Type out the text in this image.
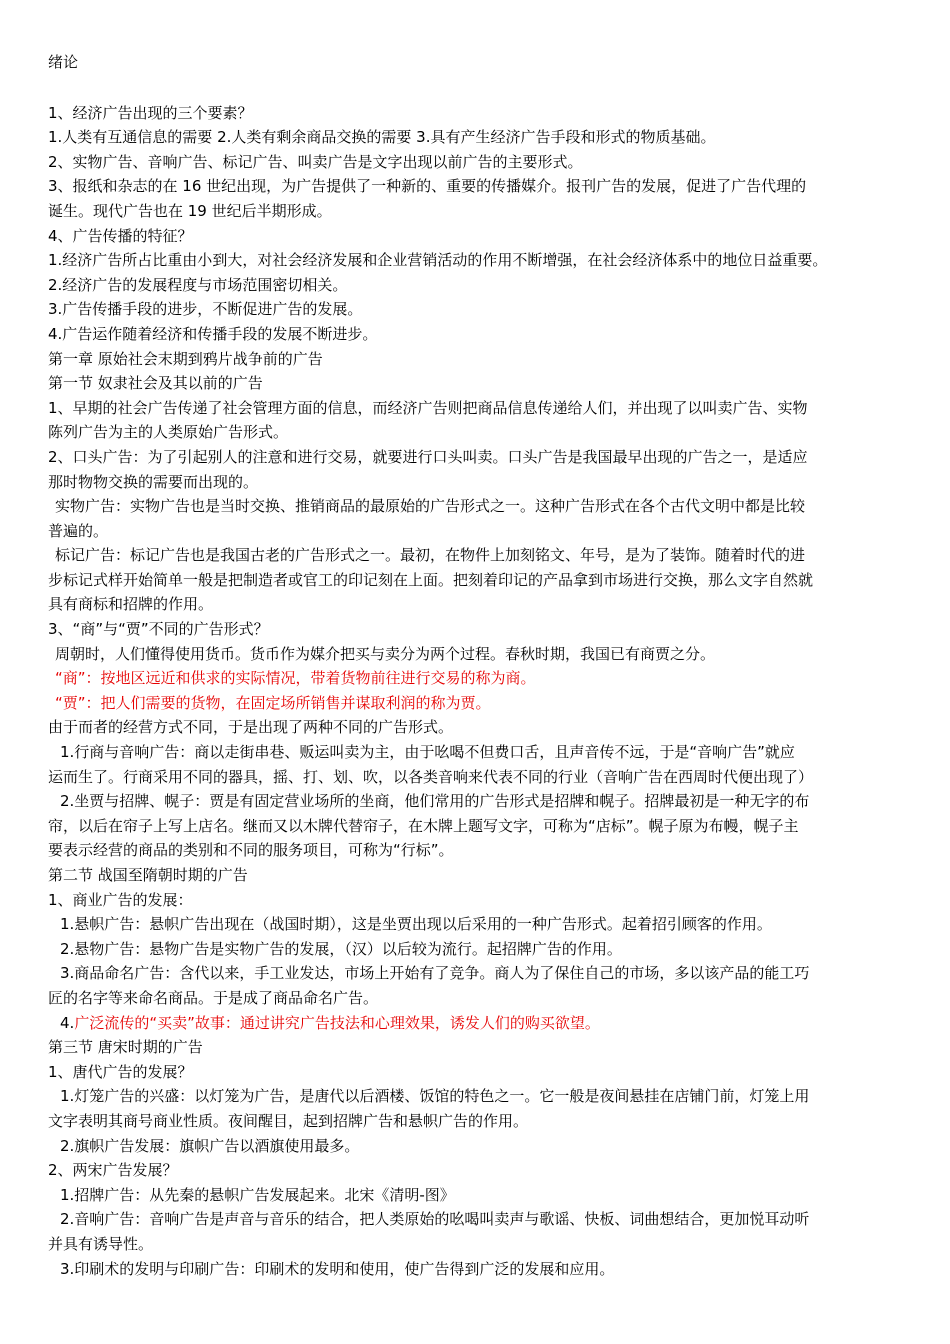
绪论
1、经济广告出现的三个要素？
1.人类有互通信息的需要 2.人类有剩余商品交换的需要 3.具有产生经济广告手段和形式的物质基础。
2、实物广告、音响广告、标记广告、叫卖广告是文字出现以前广告的主要形式。
3、报纸和杂志的在 16 世纪出现，为广告提供了一种新的、重要的传播媒介。报刊广告的发展，促进了广告代理的
诞生。现代广告也在 19 世纪后半期形成。
4、广告传播的特征？
1.经济广告所占比重由小到大，对社会经济发展和企业营销活动的作用不断增强，在社会经济体系中的地位日益重要。
2.经济广告的发展程度与市场范围密切相关。
3.广告传播手段的进步，不断促进广告的发展。
4.广告运作随着经济和传播手段的发展不断进步。
第一章 原始社会末期到鸦片战争前的广告
第一节 奴隶社会及其以前的广告
1、早期的社会广告传递了社会管理方面的信息，而经济广告则把商品信息传递给人们，并出现了以叫卖广告、实物
陈列广告为主的人类原始广告形式。
2、口头广告：为了引起别人的注意和进行交易，就要进行口头叫卖。口头广告是我国最早出现的广告之一，是适应
那时物物交换的需要而出现的。
实物广告：实物广告也是当时交换、推销商品的最原始的广告形式之一。这种广告形式在各个古代文明中都是比较
普遍的。
标记广告：标记广告也是我国古老的广告形式之一。最初，在物件上加刻铭文、年号，是为了装饰。随着时代的进
步标记式样开始简单一般是把制造者或官工的印记刻在上面。把刻着印记的产品拿到市场进行交换，那么文字自然就
具有商标和招牌的作用。
3、“商”与“贾”不同的广告形式？
周朝时，人们懂得使用货币。货币作为媒介把买与卖分为两个过程。春秋时期，我国已有商贾之分。
“商”：按地区远近和供求的实际情况，带着货物前往进行交易的称为商。
“贾”：把人们需要的货物，在固定场所销售并谋取利润的称为贾。
由于而者的经营方式不同，于是出现了两种不同的广告形式。
1.行商与音响广告：商以走街串巷、贩运叫卖为主，由于吆喝不但费口舌，且声音传不远，于是“音响广告”就应
运而生了。行商采用不同的器具，摇、打、划、吹，以各类音响来代表不同的行业（音响广告在西周时代便出现了）
2.坐贾与招牌、幌子：贾是有固定营业场所的坐商，他们常用的广告形式是招牌和幌子。招牌最初是一种无字的布
帘，以后在帘子上写上店名。继而又以木牌代替帘子，在木牌上题写文字，可称为“店标”。幌子原为布幔，幌子主
要表示经营的商品的类别和不同的服务项目，可称为“行标”。
第二节 战国至隋朝时期的广告
1、商业广告的发展：
1.悬帜广告：悬帜广告出现在（战国时期），这是坐贾出现以后采用的一种广告形式。起着招引顾客的作用。
2.悬物广告：悬物广告是实物广告的发展，（汉）以后较为流行。起招牌广告的作用。
3.商品命名广告：含代以来，手工业发达，市场上开始有了竞争。商人为了保住自己的市场，多以该产品的能工巧
匠的名字等来命名商品。于是成了商品命名广告。
4.广泛流传的“买卖”故事：通过讲究广告技法和心理效果，诱发人们的购买欲望。
第三节 唐宋时期的广告
1、唐代广告的发展？
1.灯笼广告的兴盛：以灯笼为广告，是唐代以后酒楼、饭馆的特色之一。它一般是夜间悬挂在店铺门前，灯笼上用
文字表明其商号商业性质。夜间醒目，起到招牌广告和悬帜广告的作用。
2.旗帜广告发展：旗帜广告以酒旗使用最多。
2、两宋广告发展？
1.招牌广告：从先秦的悬帜广告发展起来。北宋《清明-图》
2.音响广告：音响广告是声音与音乐的结合，把人类原始的吆喝叫卖声与歌谣、快板、词曲想结合，更加悦耳动听
并具有诱导性。
3.印刷术的发明与印刷广告：印刷术的发明和使用，使广告得到广泛的发展和应用。
